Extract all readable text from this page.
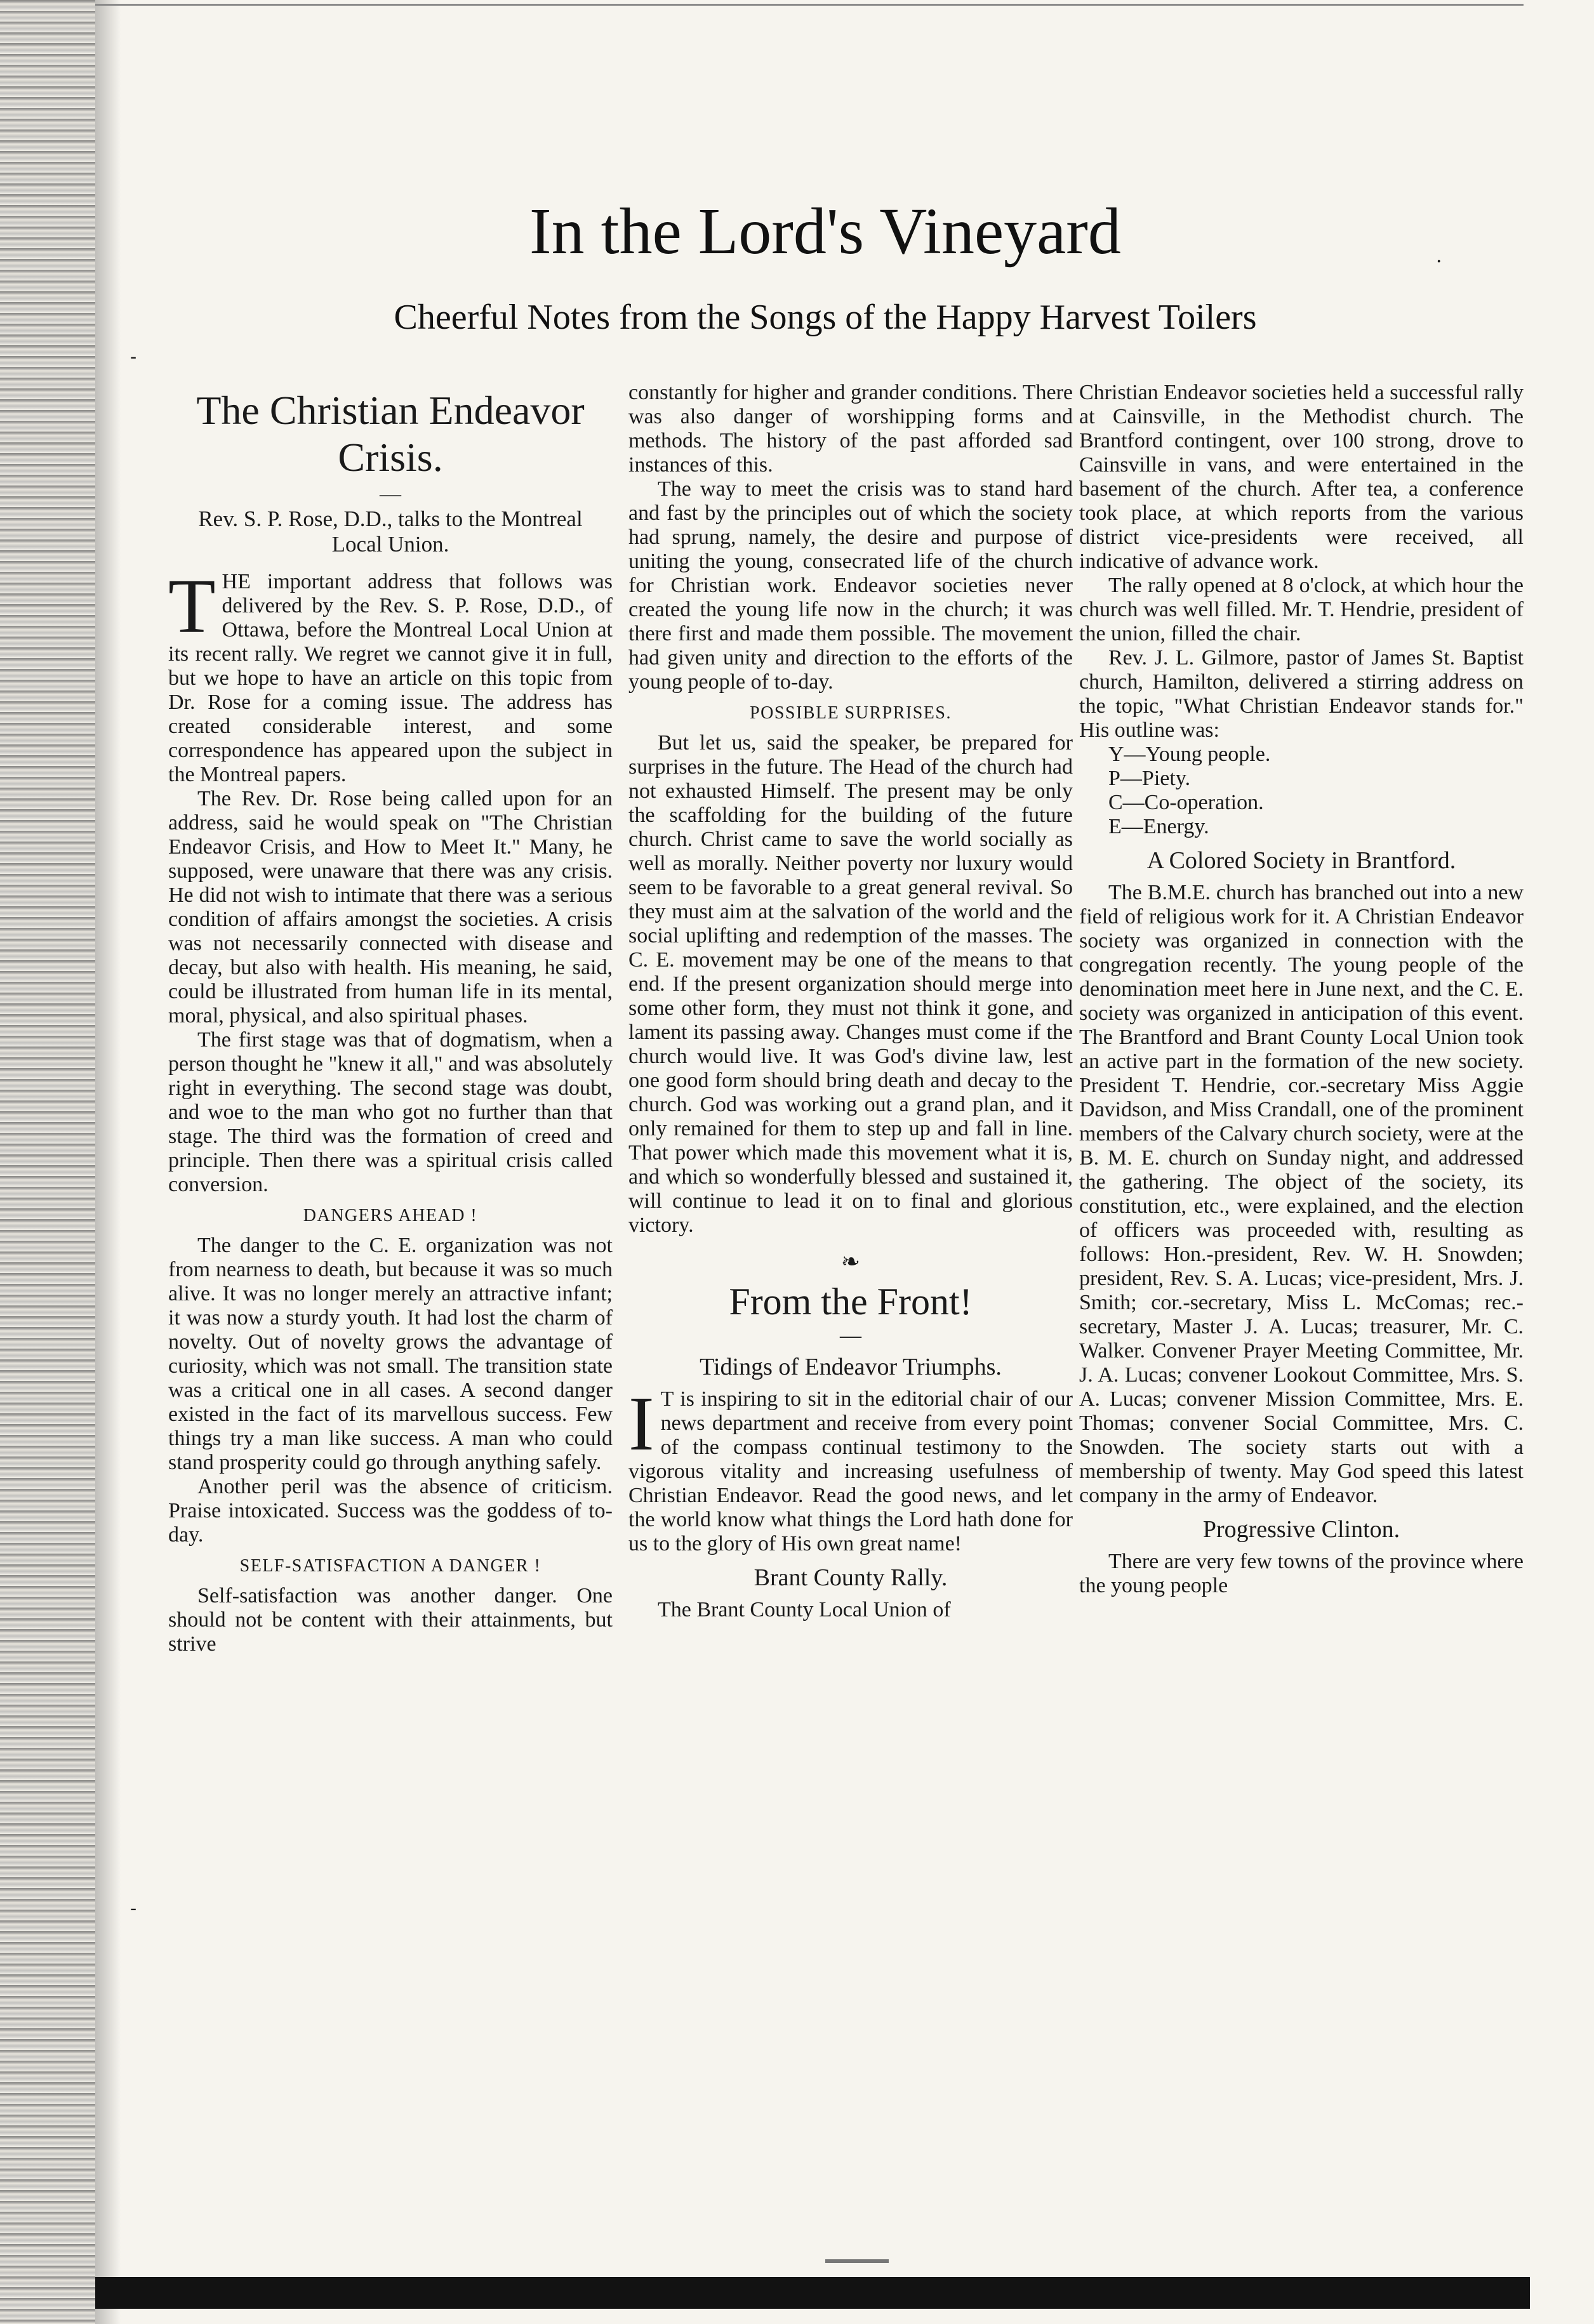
·
-
-
In the Lord's Vineyard
Cheerful Notes from the Songs of the Happy Harvest Toilers
The Christian Endeavor Crisis.
—
Rev. S. P. Rose, D.D., talks to the Montreal Local Union.

THE important address that follows was delivered by the Rev. S. P. Rose, D.D., of Ottawa, before the Montreal Local Union at its recent rally. We regret we cannot give it in full, but we hope to have an article on this topic from Dr. Rose for a coming issue. The address has created considerable interest, and some correspondence has appeared upon the subject in the Montreal papers.

The Rev. Dr. Rose being called upon for an address, said he would speak on "The Christian Endeavor Crisis, and How to Meet It." Many, he supposed, were unaware that there was any crisis. He did not wish to intimate that there was a serious condition of affairs amongst the societies. A crisis was not necessarily connected with disease and decay, but also with health. His meaning, he said, could be illustrated from human life in its mental, moral, physical, and also spiritual phases.

The first stage was that of dogmatism, when a person thought he "knew it all," and was absolutely right in everything. The second stage was doubt, and woe to the man who got no further than that stage. The third was the formation of creed and principle. Then there was a spiritual crisis called conversion.

DANGERS AHEAD !

The danger to the C. E. organization was not from nearness to death, but because it was so much alive. It was no longer merely an attractive infant; it was now a sturdy youth. It had lost the charm of novelty. Out of novelty grows the advantage of curiosity, which was not small. The transition state was a critical one in all cases. A second danger existed in the fact of its marvellous success. Few things try a man like success. A man who could stand prosperity could go through anything safely.

Another peril was the absence of criticism. Praise intoxicated. Success was the goddess of to-day.

SELF-SATISFACTION A DANGER !

Self-satisfaction was another danger. One should not be content with their attainments, but strive

constantly for higher and grander conditions. There was also danger of worshipping forms and methods. The history of the past afforded sad instances of this.

The way to meet the crisis was to stand hard and fast by the principles out of which the society had sprung, namely, the desire and purpose of uniting the young, consecrated life of the church for Christian work. Endeavor societies never created the young life now in the church; it was there first and made them possible. The movement had given unity and direction to the efforts of the young people of to-day.

POSSIBLE SURPRISES.

But let us, said the speaker, be prepared for surprises in the future. The Head of the church had not exhausted Himself. The present may be only the scaffolding for the building of the future church. Christ came to save the world socially as well as morally. Neither poverty nor luxury would seem to be favorable to a great general revival. So they must aim at the salvation of the world and the social uplifting and redemption of the masses. The C. E. movement may be one of the means to that end. If the present organization should merge into some other form, they must not think it gone, and lament its passing away. Changes must come if the church would live. It was God's divine law, lest one good form should bring death and decay to the church. God was working out a grand plan, and it only remained for them to step up and fall in line. That power which made this movement what it is, and which so wonderfully blessed and sustained it, will continue to lead it on to final and glorious victory.

❧
From the Front!
—
Tidings of Endeavor Triumphs.

I T is inspiring to sit in the editorial chair of our news department and receive from every point of the compass continual testimony to the vigorous vitality and increasing usefulness of Christian Endeavor. Read the good news, and let the world know what things the Lord hath done for us to the glory of His own great name!

Brant County Rally.

The Brant County Local Union of

Christian Endeavor societies held a successful rally at Cainsville, in the Methodist church. The Brantford contingent, over 100 strong, drove to Cainsville in vans, and were entertained in the basement of the church. After tea, a conference took place, at which reports from the various district vice-presidents were received, all indicative of advance work.

The rally opened at 8 o'clock, at which hour the church was well filled. Mr. T. Hendrie, president of the union, filled the chair.

Rev. J. L. Gilmore, pastor of James St. Baptist church, Hamilton, delivered a stirring address on the topic, "What Christian Endeavor stands for." His outline was:

Y—Young people.
P—Piety.
C—Co-operation.
E—Energy.
A Colored Society in Brantford.

The B.M.E. church has branched out into a new field of religious work for it. A Christian Endeavor society was organized in connection with the congregation recently. The young people of the denomination meet here in June next, and the C. E. society was organized in anticipation of this event. The Brantford and Brant County Local Union took an active part in the formation of the new society. President T. Hendrie, cor.-secretary Miss Aggie Davidson, and Miss Crandall, one of the prominent members of the Calvary church society, were at the B. M. E. church on Sunday night, and addressed the gathering. The object of the society, its constitution, etc., were explained, and the election of officers was proceeded with, resulting as follows: Hon.-president, Rev. W. H. Snowden; president, Rev. S. A. Lucas; vice-president, Mrs. J. Smith; cor.-secretary, Miss L. McComas; rec.-secretary, Master J. A. Lucas; treasurer, Mr. C. Walker. Convener Prayer Meeting Committee, Mr. J. A. Lucas; convener Lookout Committee, Mrs. S. A. Lucas; convener Mission Committee, Mrs. E. Thomas; convener Social Committee, Mrs. C. Snowden. The society starts out with a membership of twenty. May God speed this latest company in the army of Endeavor.

Progressive Clinton.

There are very few towns of the province where the young people
